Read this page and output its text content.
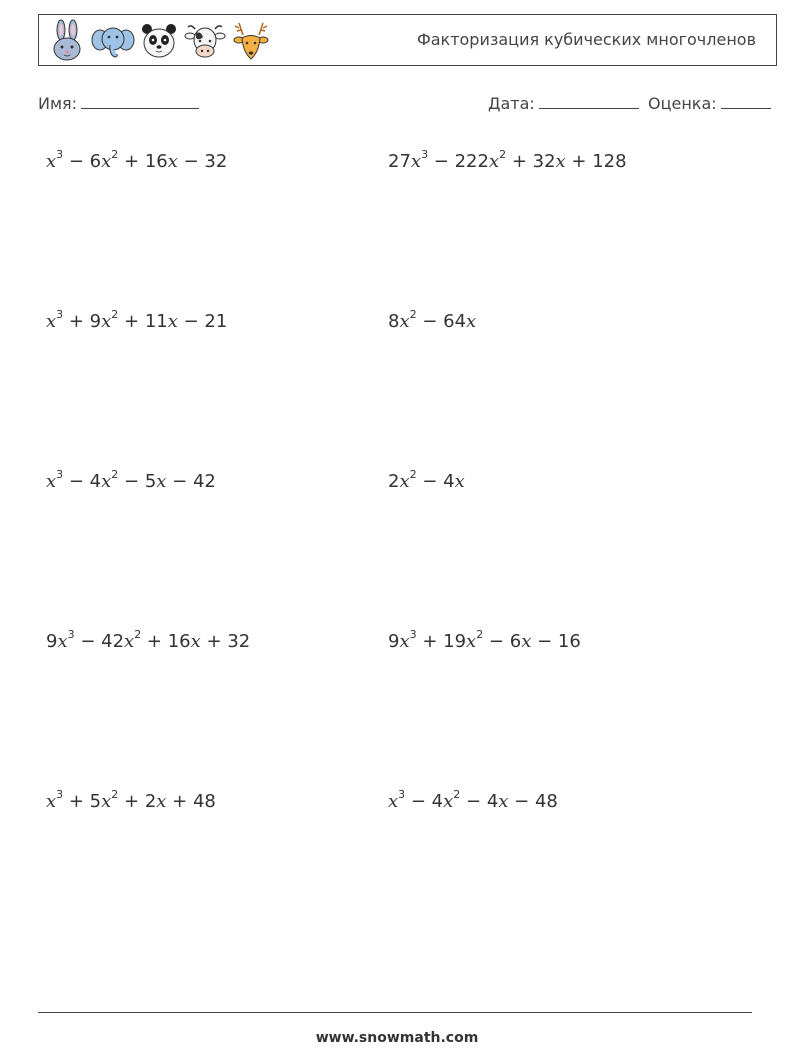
Факторизация кубических многочленов
Имя:	Дата:	Оценка:
$x^3 - 6x^2 + 16x - 32$	$27x^3 - 222x^2 + 32x + 128$
$x^3 + 9x^2 + 11x - 21$	$8x^2 - 64x$
$x^3 - 4x^2 - 5x - 42$	$2x^2 - 4x$
$9x^3 - 42x^2 + 16x + 32$	$9x^3 + 19x^2 - 6x - 16$
$x^3 + 5x^2 + 2x + 48$	$x^3 - 4x^2 - 4x - 48$
www.snowmath.com
